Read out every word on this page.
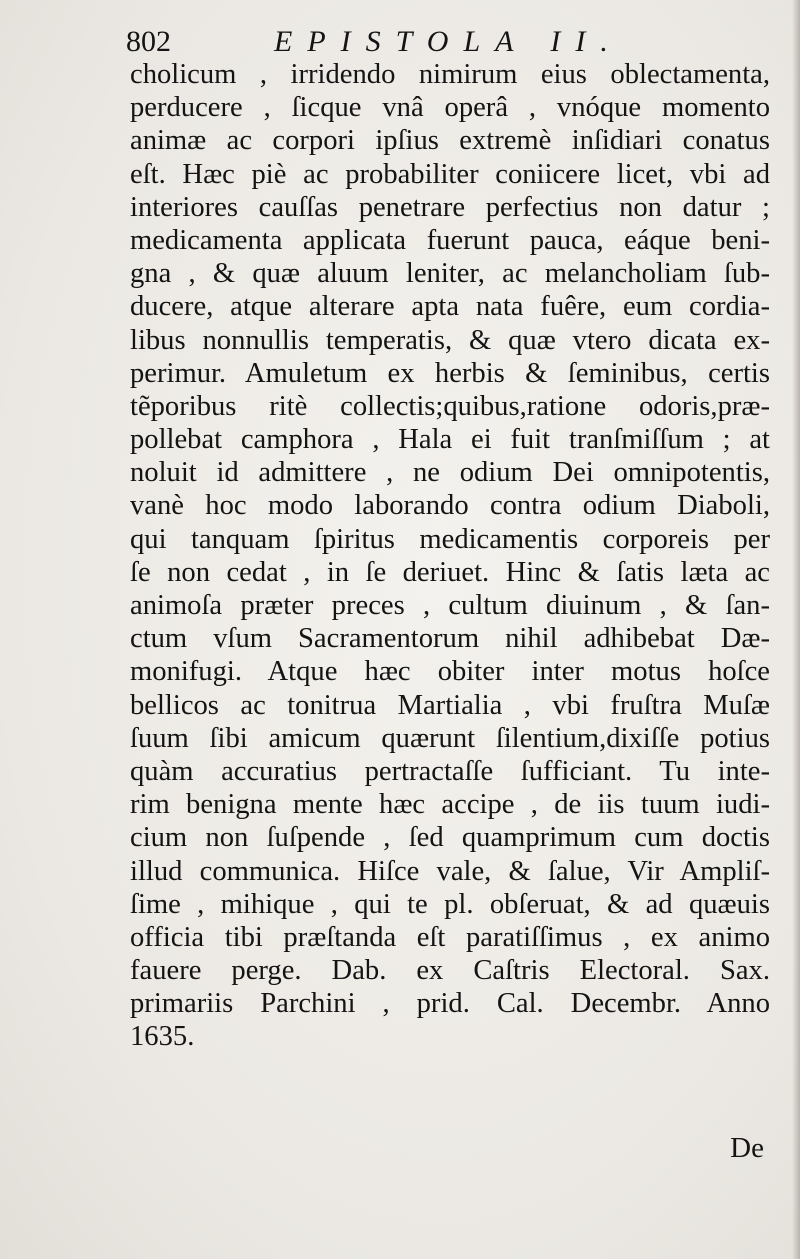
802	EPISTOLA II.
cholicum , irridendo nimirum eius oblectamenta,
perducere , ſicque vnâ operâ , vnóque momento
animæ ac corpori ipſius extremè inſidiari conatus
eſt. Hæc piè ac probabiliter coniicere licet, vbi ad
interiores cauſſas penetrare perfectius non datur ;
medicamenta applicata fuerunt pauca, eáque beni-
gna , & quæ aluum leniter, ac melancholiam ſub-
ducere, atque alterare apta nata fuêre, eum cordia-
libus nonnullis temperatis, & quæ vtero dicata ex-
perimur. Amuletum ex herbis & ſeminibus, certis
tẽporibus ritè collectis;quibus,ratione odoris,præ-
pollebat camphora , Hala ei fuit tranſmiſſum ; at
noluit id admittere , ne odium Dei omnipotentis,
vanè hoc modo laborando contra odium Diaboli,
qui tanquam ſpiritus medicamentis corporeis per
ſe non cedat , in ſe deriuet. Hinc & ſatis læta ac
animoſa præter preces , cultum diuinum , & ſan-
ctum vſum Sacramentorum nihil adhibebat Dæ-
monifugi. Atque hæc obiter inter motus hoſce
bellicos ac tonitrua Martialia , vbi fruſtra Muſæ
ſuum ſibi amicum quærunt ſilentium,dixiſſe potius
quàm accuratius pertractaſſe ſufficiant. Tu inte-
rim benigna mente hæc accipe , de iis tuum iudi-
cium non ſuſpende , ſed quamprimum cum doctis
illud communica. Hiſce vale, & ſalue, Vir Ampliſ-
ſime , mihique , qui te pl. obſeruat, & ad quæuis
officia tibi præſtanda eſt paratiſſimus , ex animo
fauere perge. Dab. ex Caſtris Electoral. Sax.
primariis Parchini , prid. Cal. Decembr. Anno
1635.
De
